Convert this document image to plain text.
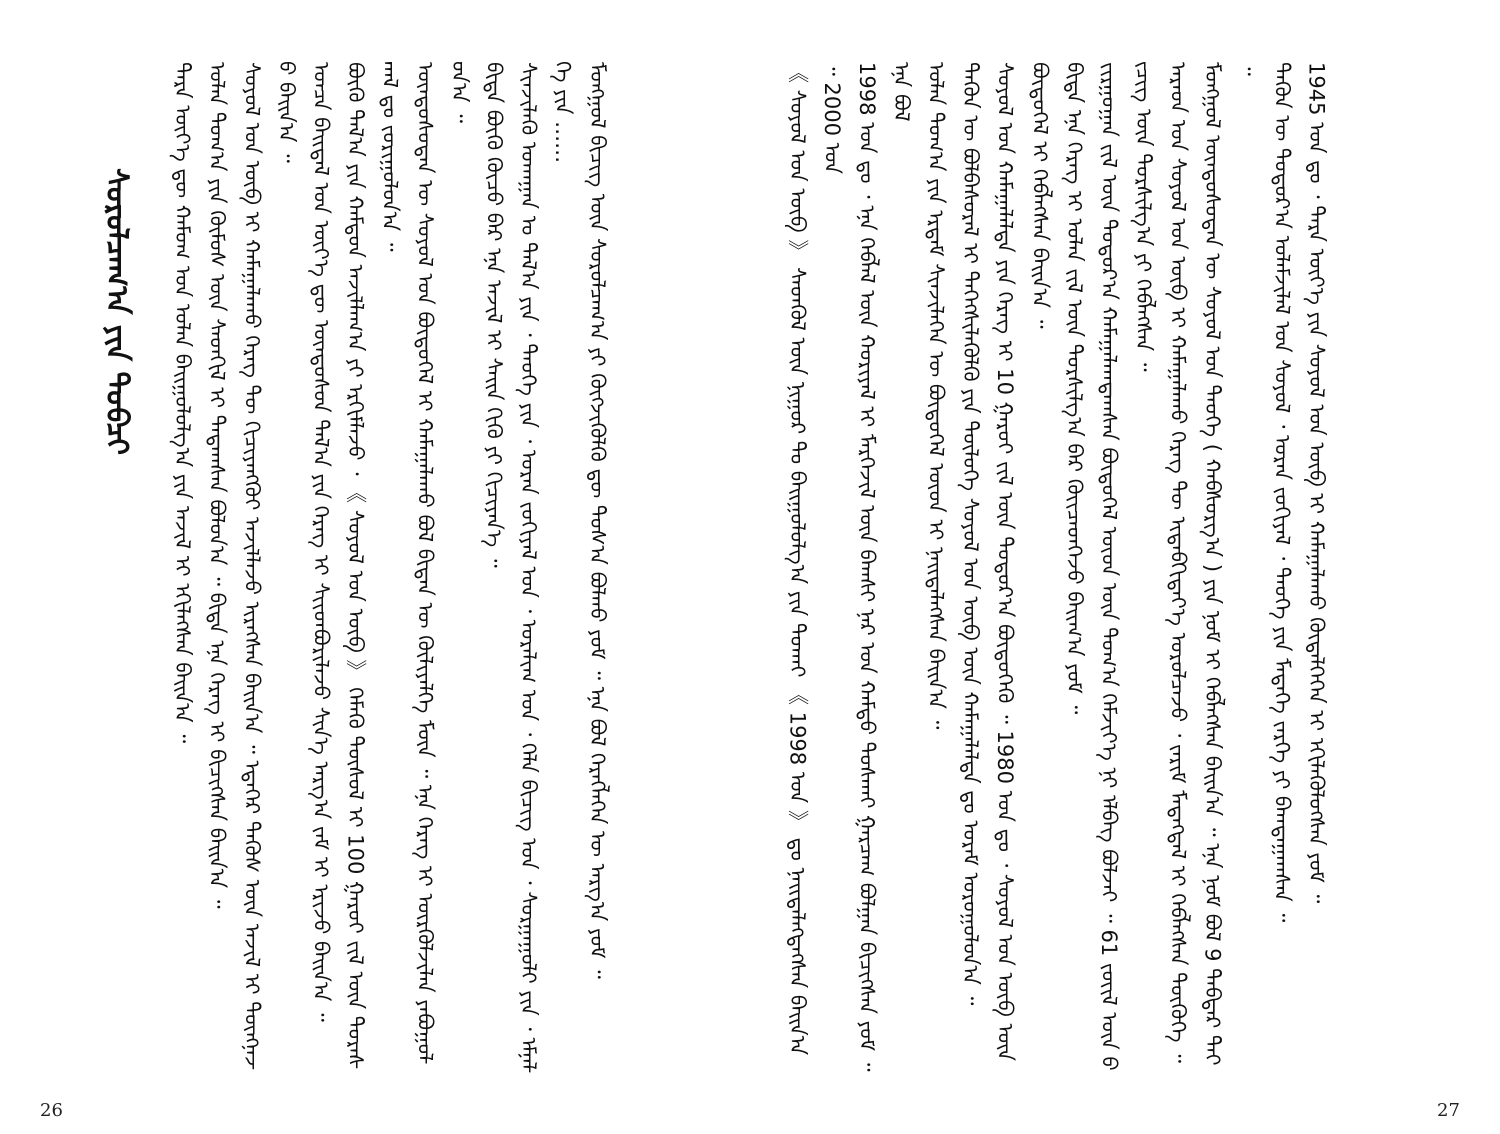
26	27
ᠰᠤᠷᠤᠯᠴᠠᠭ᠎ᠠ ᠶᠢᠨ ᠲᠣᠪᠴᠢ ᠲᠡᠷᠡ ᠦᠶ᠎ᠡ ᠳᠦ ᠬᠠᠮᠤᠭ ᠤᠨ ᠤᠯᠠᠨ ᠪᠠᠢᠭᠤᠯᠤᠯᠭ᠎ᠠ ᠶᠢᠨ ᠠᠵᠢᠯ ᠢ ᠡᠬᠢᠯᠡᠭᠰᠡᠨ ᠪᠠᠢᠨ᠎ᠠ ᠃ ᠣᠯᠠᠨ ᠲᠣᠭ᠎ᠠ ᠶᠢᠨ ᠬᠦᠮᠦᠰ ᠦᠨ ᠰᠡᠳᠬᠢᠯ ᠢ ᠲᠠᠲᠠᠭᠰᠠᠨ ᠪᠣᠯᠣᠨ᠎ᠠ ᠃ ᠪᠢᠳᠡ ᠡᠨᠡ ᠬᠡᠷᠡᠭ ᠢ ᠪᠢᠴᠢᠭᠰᠡᠨ ᠪᠠᠢᠨ᠎ᠠ ᠃ ᠰᠣᠶᠣᠯ ᠤᠨ ᠦᠪ ᠢ ᠬᠠᠮᠠᠭᠠᠯᠠᠬᠤ ᠬᠡᠷᠡᠭ ᠲᠦ ᠬᠢᠴᠢᠶᠡᠩᠭᠦᠢ ᠠᠵᠢᠯᠯᠠᠵᠤ ᠢᠷᠡᠭᠰᠡᠨ ᠪᠠᠢᠨ᠎ᠠ ᠃ ᠡᠳᠡᠭᠡᠷ ᠲᠡᠭᠦᠰ ᠦᠨ ᠠᠵᠢᠯ ᠢ ᠳᠦᠩᠨᠡᠵᠦ ᠪᠠᠢᠨ᠎ᠠ ᠃ ᠣᠨᠴᠠ ᠪᠠᠢᠳᠠᠯ ᠤᠨ ᠦᠶ᠎ᠡ ᠳᠦ ᠦᠨᠳᠦᠰᠦᠨ ᠲᠠᠯ᠎ᠠ ᠶᠢᠨ ᠬᠡᠷᠡᠭ ᠢ ᠰᠢᠢᠳᠪᠦᠷᠢᠯᠡᠵᠦ ᠰᠢᠨ᠎ᠡ ᠠᠷᠭ᠎ᠠ ᠵᠠᠮ ᠢ ᠡᠷᠢᠵᠦ ᠪᠠᠢᠨ᠎ᠠ ᠃ ᠪᠦᠬᠦ ᠲᠠᠯ᠎ᠠ ᠶᠢᠨ ᠬᠠᠮᠳᠤᠨ ᠠᠵᠢᠯᠯᠠᠭ᠎ᠠ ᠶᠢ ᠡᠷᠬᠢᠮᠯᠡᠵᠦ ᠂ 《 ᠰᠣᠶᠣᠯ ᠤᠨ ᠦᠪ 》 ᠬᠡᠮᠡᠬᠦ ᠲᠥᠰᠥᠯ ᠢ 100 ᠭᠠᠷᠤᠢ ᠵᠢᠯ ᠦᠨ ᠳᠤᠷᠠᠰᠬᠠᠯ ᠳᠤ ᠵᠣᠷᠢᠭᠤᠯᠤᠨ᠎ᠠ ᠃ ᠦᠨᠳᠦᠰᠦᠲᠡᠨ ᠦ ᠰᠣᠶᠣᠯ ᠤᠨ ᠪᠦᠲᠦᠭᠡᠯ ᠢ ᠬᠠᠮᠠᠭᠠᠯᠠᠬᠤ ᠪᠣᠯ ᠪᠢᠳᠡᠨ ᠦ ᠬᠦᠯᠢᠶᠡᠯᠭᠡ ᠮᠥᠨ ᠃ ᠡᠨᠡ ᠬᠡᠷᠡᠭ ᠢ ᠦᠷᠭᠦᠯᠵᠢᠯᠡᠨ ᠶᠠᠪᠤᠭᠤᠯᠤᠨ᠎ᠠ ᠃ ᠪᠢᠳᠡ ᠪᠦᠬᠦ ᠬᠦᠴᠦ ᠪᠡᠷ ᠡᠨᠡ ᠠᠵᠢᠯ ᠢ ᠰᠠᠢᠨ ᠬᠢᠬᠦ ᠶᠢ ᠬᠢᠴᠢᠶᠡᠨ᠎ᠡ ᠃ ᠰᠢᠨᠵᠢᠯᠡᠬᠦ ᠤᠬᠠᠭᠠᠨ ᠤ ᠲᠠᠯ᠎ᠠ ᠶᠢᠨ ᠂ ᠲᠡᠦᠬᠡ ᠶᠢᠨ ᠂ ᠤᠷᠠᠨ ᠵᠣᠬᠢᠶᠠᠯ ᠤᠨ ᠂ ᠤᠷᠠᠯᠢᠭ ᠤᠨ ᠂ ᠬᠡᠯᠡ ᠪᠢᠴᠢᠭ ᠤᠨ ᠂ ᠰᠤᠷᠭᠠᠭᠤᠯᠢ ᠶᠢᠨ ᠂ ᠡᠮᠨᠡᠯᠭᠡ ᠶᠢᠨ …… ᠮᠣᠩᠭᠣᠯ ᠪᠢᠴᠢᠭ ᠦᠨ ᠰᠤᠷᠤᠯᠴᠠᠭ᠎ᠠ ᠶᠢ ᠬᠥᠭᠵᠢᠭᠦᠯᠬᠦ ᠳᠦ ᠲᠤᠰ᠎ᠠ ᠪᠣᠯᠬᠤ ᠶᠤᠮ ᠃ ᠡᠨᠡ ᠪᠣᠯ ᠬᠡᠷᠡᠭᠯᠡᠭᠡᠨ ᠦ ᠠᠷᠭ᠎ᠠ ᠶᠤᠮ ᠃	《 ᠰᠣᠶᠣᠯ ᠤᠨ ᠦᠪ 》 ᠰᠡᠳᠬᠦᠯ ᠦᠨ ᠨᠢᠭᠤᠷ ᠲᠤ ᠪᠠᠢᠭᠤᠯᠤᠯᠭ᠎ᠠ ᠶᠢᠨ ᠲᠤᠬᠠᠢ 《 1998 ᠣᠨ 》 ᠳᠤ ᠨᠡᠢᠲᠡᠯᠡᠭᠳᠡᠭᠰᠡᠨ ᠪᠠᠢᠨ᠎ᠠ ᠃ 2000 ᠣᠨ 1998 ᠣᠨ ᠳᠤ ᠂ ᠡᠨᠡ ᠬᠡᠪᠯᠡᠯ ᠦᠨ ᠬᠣᠷᠢᠶᠠᠯ ᠢ ᠮᠡᠷᠭᠡᠵᠢᠯ ᠦᠨ ᠪᠠᠭᠰᠢ ᠨᠠᠷ ᠤᠨ ᠬᠠᠮᠲᠤ ᠲᠤᠰᠬᠠᠢ ᠭᠠᠷᠴᠠᠭ ᠪᠣᠯᠭᠠᠨ ᠪᠢᠴᠢᠭᠰᠡᠨ ᠶᠤᠮ ᠃ ᠡᠨᠡ ᠪᠣᠯ ᠣᠯᠠᠨ ᠲᠣᠭ᠎ᠠ ᠶᠢᠨ ᠡᠷᠳᠡᠮ ᠰᠢᠨᠵᠢᠯᠡᠭᠡᠨ ᠦ ᠪᠦᠲᠦᠭᠡᠯ ᠦᠳ ᠢ ᠨᠡᠢᠲᠡᠯᠡᠭᠰᠡᠨ ᠪᠠᠢᠨ᠎ᠠ ᠃ ᠲᠡᠭᠦᠨ ᠦ ᠪᠣᠯᠪᠠᠰᠤᠷᠠᠯ ᠢ ᠳᠡᠭᠡᠭᠰᠢᠯᠡᠭᠦᠯᠬᠦ ᠶᠢᠨ ᠲᠥᠯᠥᠭᠡ ᠰᠣᠶᠣᠯ ᠤᠨ ᠦᠪ ᠦᠨ ᠬᠠᠮᠠᠭᠠᠯᠠᠯᠲᠠ ᠳᠤ ᠤᠷᠠᠮ ᠣᠷᠤᠭᠤᠯᠤᠨ᠎ᠠ ᠃ ᠰᠣᠶᠣᠯ ᠤᠨ ᠬᠠᠮᠠᠭᠠᠯᠠᠯᠲᠠ ᠶᠢᠨ ᠬᠡᠷᠡᠭ ᠢ 10 ᠭᠠᠷᠤᠢ ᠵᠢᠯ ᠦᠨ ᠳᠣᠲᠣᠷ᠎ᠠ ᠪᠦᠲᠦᠭᠡᠬᠦ ᠃ 1980 ᠣᠨ ᠳᠤ ᠂ ᠰᠣᠶᠣᠯ ᠤᠨ ᠦᠪ ᠦᠨ ᠪᠦᠲᠦᠭᠡᠯ ᠢ ᠬᠡᠪᠯᠡᠭᠰᠡᠨ ᠪᠠᠢᠨ᠎ᠠ ᠃ ᠪᠢᠳᠡ ᠡᠨᠡ ᠬᠡᠷᠡᠭ ᠢ ᠣᠯᠠᠨ ᠵᠢᠯ ᠦᠨ ᠲᠤᠷᠰᠢᠯᠭ᠎ᠠ ᠪᠠᠷ ᠭᠦᠢᠴᠡᠳᠭᠡᠵᠦ ᠪᠠᠢᠭ᠎ᠠ ᠶᠤᠮ ᠃ ᠵᠢᠷᠭᠤᠭᠠᠨ ᠵᠢᠯ ᠦᠨ ᠳᠤᠲᠤᠷ᠎ᠠ ᠬᠠᠮᠠᠭᠠᠯᠠᠭᠳᠠᠭᠰᠠᠨ ᠪᠦᠲᠦᠭᠡᠯ ᠦᠳ ᠦᠨ ᠲᠣᠭ᠎ᠠ ᠬᠡᠮᠵᠢᠶ᠎ᠡ ᠨᠢ ᠡᠯᠪᠡᠭ ᠪᠣᠯᠵᠠᠢ ᠃ 61 ᠵᠦᠢᠯ ᠦᠨ ᠪᠢᠴᠢᠭ ᠦᠨ ᠲᠤᠷᠰᠢᠯᠭ᠎ᠠ ᠶᠢ ᠬᠡᠪᠯᠡᠭᠰᠡᠨ ᠃ ᠠᠷᠠᠳ ᠤᠨ ᠰᠣᠶᠣᠯ ᠤᠨ ᠦᠪ ᠢ ᠬᠠᠮᠠᠭᠠᠯᠠᠬᠤ ᠬᠡᠷᠡᠭ ᠲᠦ ᠢᠳᠡᠪᠬᠢᠲᠡᠶ᠎ᠡ ᠣᠷᠣᠯᠴᠠᠵᠤ ᠂ ᠵᠠᠷᠢᠮ ᠮᠡᠳᠡᠭᠳᠡᠯ ᠢ ᠬᠡᠪᠯᠡᠭᠰᠡᠨ ᠲᠦᠭᠦᠬᠡ ᠃ ᠮᠣᠩᠭᠣᠯ ᠦᠨᠳᠦᠰᠦᠲᠡᠨ ᠦ ᠰᠣᠶᠣᠯ ᠤᠨ ᠲᠡᠦᠬᠡ ( ᠬᠠᠪᠰᠤᠷᠭ᠎ᠠ ) ᠶᠢᠨ ᠨᠣᠮ ᠢ ᠬᠡᠪᠯᠡᠭᠰᠡᠨ ᠪᠠᠢᠨ᠎ᠠ ᠃ ᠡᠨᠡ ᠨᠣᠮ ᠪᠣᠯ 9 ᠳᠡᠪᠲᠡᠷ ᠲᠡᠢ ᠃ ᠲᠡᠭᠦᠨ ᠦ ᠳᠣᠲᠣᠷ᠎ᠠ ᠤᠯᠠᠮᠵᠢᠯᠠᠯ ᠤᠨ ᠰᠣᠶᠣᠯ ᠂ ᠤᠷᠠᠨ ᠵᠣᠬᠢᠶᠠᠯ ᠂ ᠲᠡᠦᠬᠡ ᠶᠢᠨ ᠮᠡᠳᠡᠭᠡ ᠵᠡᠷᠭᠡ ᠶᠢ ᠪᠠᠭᠲᠠᠭᠠᠭᠰᠠᠨ ᠃ 1945 ᠣᠨ ᠳᠤ ᠂ ᠲᠡᠷᠡ ᠦᠶ᠎ᠡ ᠶᠢᠨ ᠰᠣᠶᠣᠯ ᠤᠨ ᠦᠪ ᠢ ᠬᠠᠮᠠᠭᠠᠯᠠᠬᠤ ᠬᠥᠳᠡᠯᠭᠡᠭᠡᠨ ᠢ ᠡᠬᠢᠯᠡᠭᠦᠯᠦᠭᠰᠡᠨ ᠶᠤᠮ ᠃
